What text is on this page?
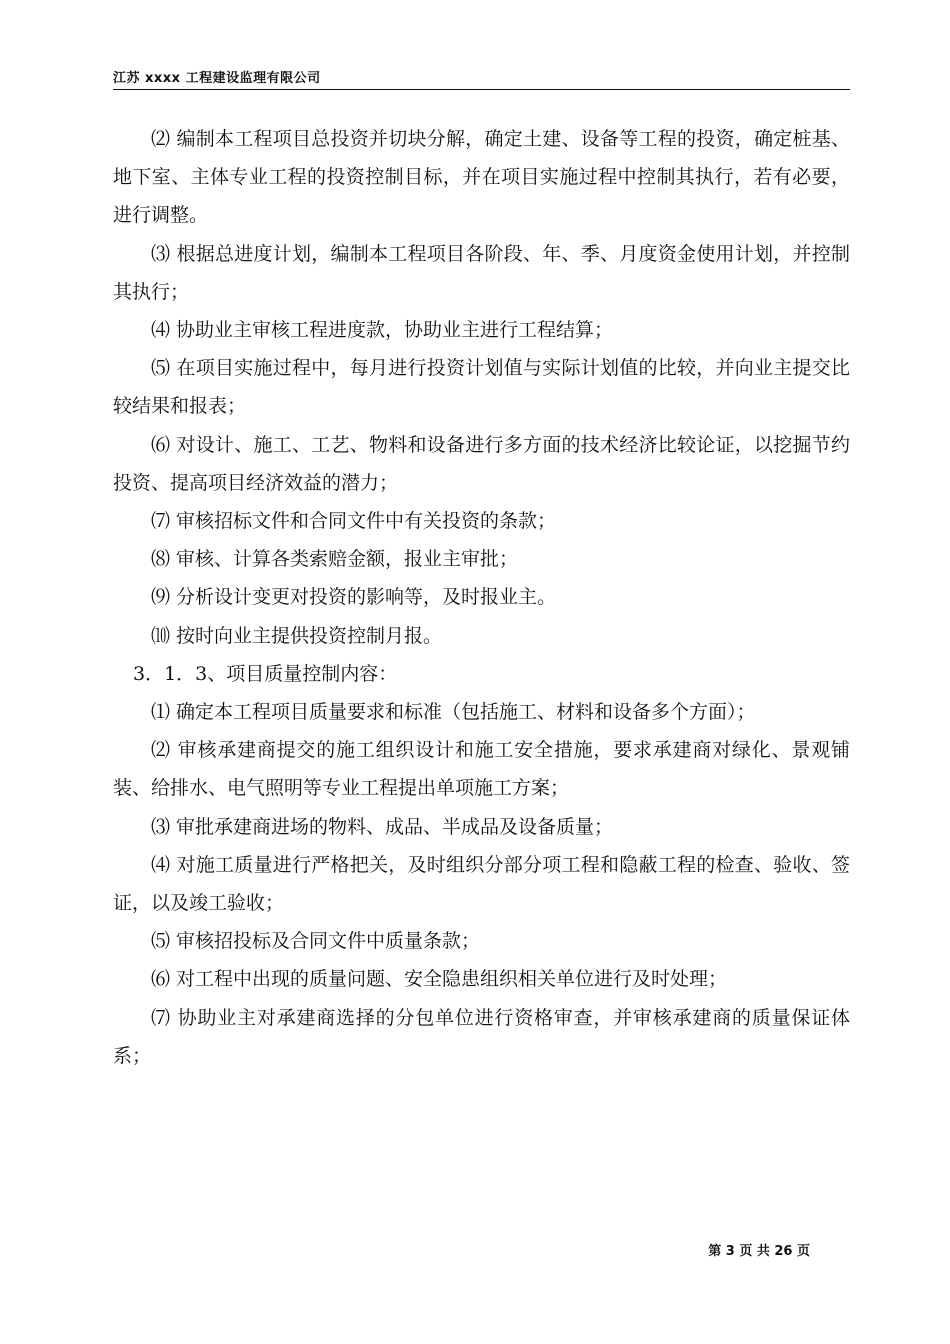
江苏 xxxx 工程建设监理有限公司

⑵ 编制本工程项目总投资并切块分解，确定土建、设备等工程的投资，确定桩基、地下室、主体专业工程的投资控制目标，并在项目实施过程中控制其执行，若有必要，进行调整。

⑶ 根据总进度计划，编制本工程项目各阶段、年、季、月度资金使用计划，并控制其执行；

⑷ 协助业主审核工程进度款，协助业主进行工程结算；

⑸ 在项目实施过程中，每月进行投资计划值与实际计划值的比较，并向业主提交比较结果和报表；

⑹ 对设计、施工、工艺、物料和设备进行多方面的技术经济比较论证，以挖掘节约投资、提高项目经济效益的潜力；

⑺ 审核招标文件和合同文件中有关投资的条款；

⑻ 审核、计算各类索赔金额，报业主审批；

⑼ 分析设计变更对投资的影响等，及时报业主。

⑽ 按时向业主提供投资控制月报。

3．1．3、项目质量控制内容：

⑴ 确定本工程项目质量要求和标准（包括施工、材料和设备多个方面）；

⑵ 审核承建商提交的施工组织设计和施工安全措施，要求承建商对绿化、景观铺装、给排水、电气照明等专业工程提出单项施工方案；

⑶ 审批承建商进场的物料、成品、半成品及设备质量；

⑷ 对施工质量进行严格把关，及时组织分部分项工程和隐蔽工程的检查、验收、签证，以及竣工验收；

⑸ 审核招投标及合同文件中质量条款；

⑹ 对工程中出现的质量问题、安全隐患组织相关单位进行及时处理；

⑺ 协助业主对承建商选择的分包单位进行资格审查，并审核承建商的质量保证体系；

第 3 页 共 26 页
